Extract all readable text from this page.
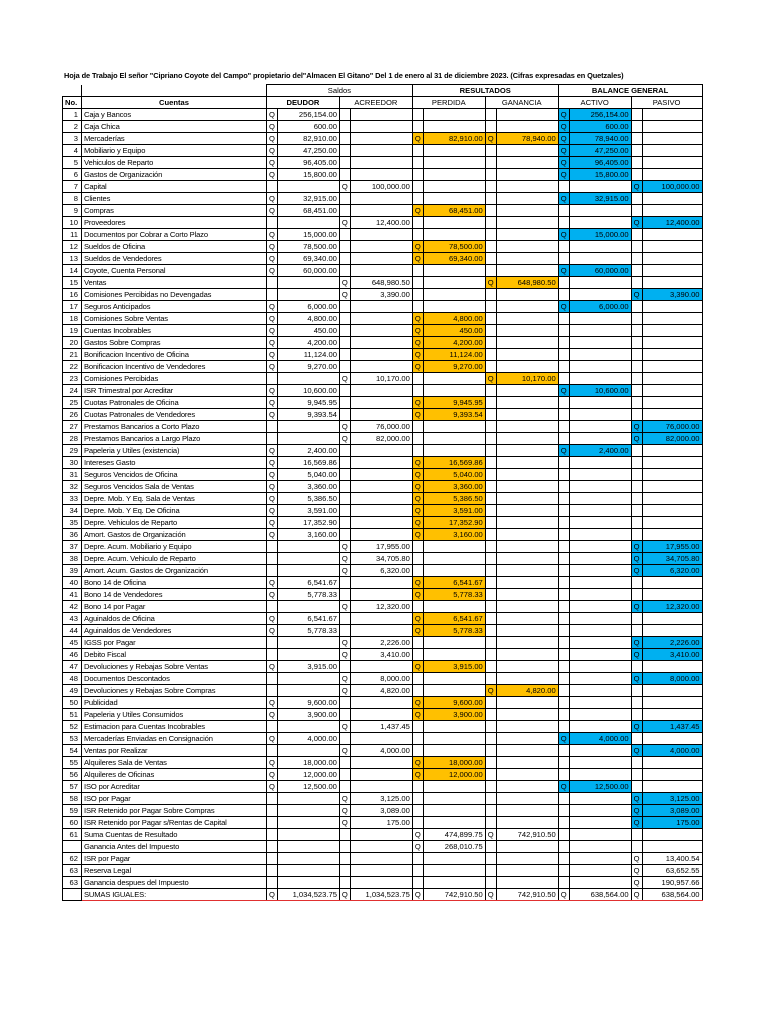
Hoja de Trabajo El señor "Cipriano Coyote del Campo" propietario del"Almacen El Gitano" Del 1 de enero al 31 de diciembre 2023. (Cifras expresadas en Quetzales)
		Saldos				RESULTADOS				BALANCE GENERAL			
No.	Cuentas	DEUDOR		ACREEDOR		PERDIDA		GANANCIA		ACTIVO		PASIVO	
1	Caja y Bancos	Q	256,154.00							Q	256,154.00		
2	Caja Chica	Q	600.00							Q	600.00		
3	Mercaderías	Q	82,910.00			Q	82,910.00	Q	78,940.00	Q	78,940.00		
4	Mobiliario y Equipo	Q	47,250.00							Q	47,250.00		
5	Vehiculos de Reparto	Q	96,405.00							Q	96,405.00		
6	Gastos de Organización	Q	15,800.00							Q	15,800.00		
7	Capital			Q	100,000.00							Q	100,000.00
8	Clientes	Q	32,915.00							Q	32,915.00		
9	Compras	Q	68,451.00			Q	68,451.00						
10	Proveedores			Q	12,400.00							Q	12,400.00
11	Documentos por Cobrar a Corto Plazo	Q	15,000.00							Q	15,000.00		
12	Sueldos de Oficina	Q	78,500.00			Q	78,500.00						
13	Sueldos de Vendedores	Q	69,340.00			Q	69,340.00						
14	Coyote, Cuenta Personal	Q	60,000.00							Q	60,000.00		
15	Ventas			Q	648,980.50			Q	648,980.50				
16	Comisiones Percibidas no Devengadas			Q	3,390.00							Q	3,390.00
17	Seguros Anticipados	Q	6,000.00							Q	6,000.00		
18	Comisiones Sobre Ventas	Q	4,800.00			Q	4,800.00						
19	Cuentas Incobrables	Q	450.00			Q	450.00						
20	Gastos Sobre Compras	Q	4,200.00			Q	4,200.00						
21	Bonificacion Incentivo de Oficina	Q	11,124.00			Q	11,124.00						
22	Bonificacion Incentivo de Vendedores	Q	9,270.00			Q	9,270.00						
23	Comisiones Percibidas			Q	10,170.00			Q	10,170.00				
24	ISR Trimestral por Acreditar	Q	10,600.00							Q	10,600.00		
25	Cuotas Patronales de Oficina	Q	9,945.95			Q	9,945.95						
26	Cuotas Patronales de Vendedores	Q	9,393.54			Q	9,393.54						
27	Prestamos Bancarios a Corto Plazo			Q	76,000.00							Q	76,000.00
28	Prestamos Bancarios a Largo Plazo			Q	82,000.00							Q	82,000.00
29	Papeleria y Utiles (existencia)	Q	2,400.00							Q	2,400.00		
30	Intereses Gasto	Q	16,569.86			Q	16,569.86						
31	Seguros Vencidos de Oficina	Q	5,040.00			Q	5,040.00						
32	Seguros Vencidos Sala de Ventas	Q	3,360.00			Q	3,360.00						
33	Depre. Mob. Y Eq. Sala de Ventas	Q	5,386.50			Q	5,386.50						
34	Depre. Mob. Y Eq. De Oficina	Q	3,591.00			Q	3,591.00						
35	Depre. Vehiculos de Reparto	Q	17,352.90			Q	17,352.90						
36	Amort. Gastos de Organización	Q	3,160.00			Q	3,160.00						
37	Depre. Acum. Mobiliario y Equipo			Q	17,955.00							Q	17,955.00
38	Depre. Acum. Vehiculo de Reparto			Q	34,705.80							Q	34,705.80
39	Amort. Acum. Gastos de Organización			Q	6,320.00							Q	6,320.00
40	Bono 14 de Oficina	Q	6,541.67			Q	6,541.67						
41	Bono 14 de Vendedores	Q	5,778.33			Q	5,778.33						
42	Bono 14 por Pagar			Q	12,320.00							Q	12,320.00
43	Aguinaldos de Oficina	Q	6,541.67			Q	6,541.67						
44	Aguinaldos de Vendedores	Q	5,778.33			Q	5,778.33						
45	IGSS por Pagar			Q	2,226.00							Q	2,226.00
46	Debito Fiscal			Q	3,410.00							Q	3,410.00
47	Devoluciones y Rebajas Sobre Ventas	Q	3,915.00			Q	3,915.00						
48	Documentos Descontados			Q	8,000.00							Q	8,000.00
49	Devoluciones y Rebajas Sobre Compras			Q	4,820.00			Q	4,820.00				
50	Publicidad	Q	9,600.00			Q	9,600.00						
51	Papeleria y Utiles Consumidos	Q	3,900.00			Q	3,900.00						
52	Estimacion para Cuentas Incobrables			Q	1,437.45							Q	1,437.45
53	Mercaderías Enviadas en Consignación	Q	4,000.00							Q	4,000.00		
54	Ventas por Realizar			Q	4,000.00							Q	4,000.00
55	Alquileres Sala de Ventas	Q	18,000.00			Q	18,000.00						
56	Alquileres de Oficinas	Q	12,000.00			Q	12,000.00						
57	ISO por Acreditar	Q	12,500.00							Q	12,500.00		
58	ISO por Pagar			Q	3,125.00							Q	3,125.00
59	ISR Retenido por Pagar Sobre Compras			Q	3,089.00							Q	3,089.00
60	ISR Retenido por Pagar s/Rentas de Capital			Q	175.00							Q	175.00
61	Suma Cuentas de Resultado					Q	474,899.75	Q	742,910.50				
	Ganancia Antes del Impuesto					Q	268,010.75						
62	ISR por Pagar											Q	13,400.54
63	Reserva Legal											Q	63,652.55
63	Ganancia despues del Impuesto											Q	190,957.66
	SUMAS IGUALES:	Q	1,034,523.75	Q	1,034,523.75	Q	742,910.50	Q	742,910.50	Q	638,564.00	Q	638,564.00
